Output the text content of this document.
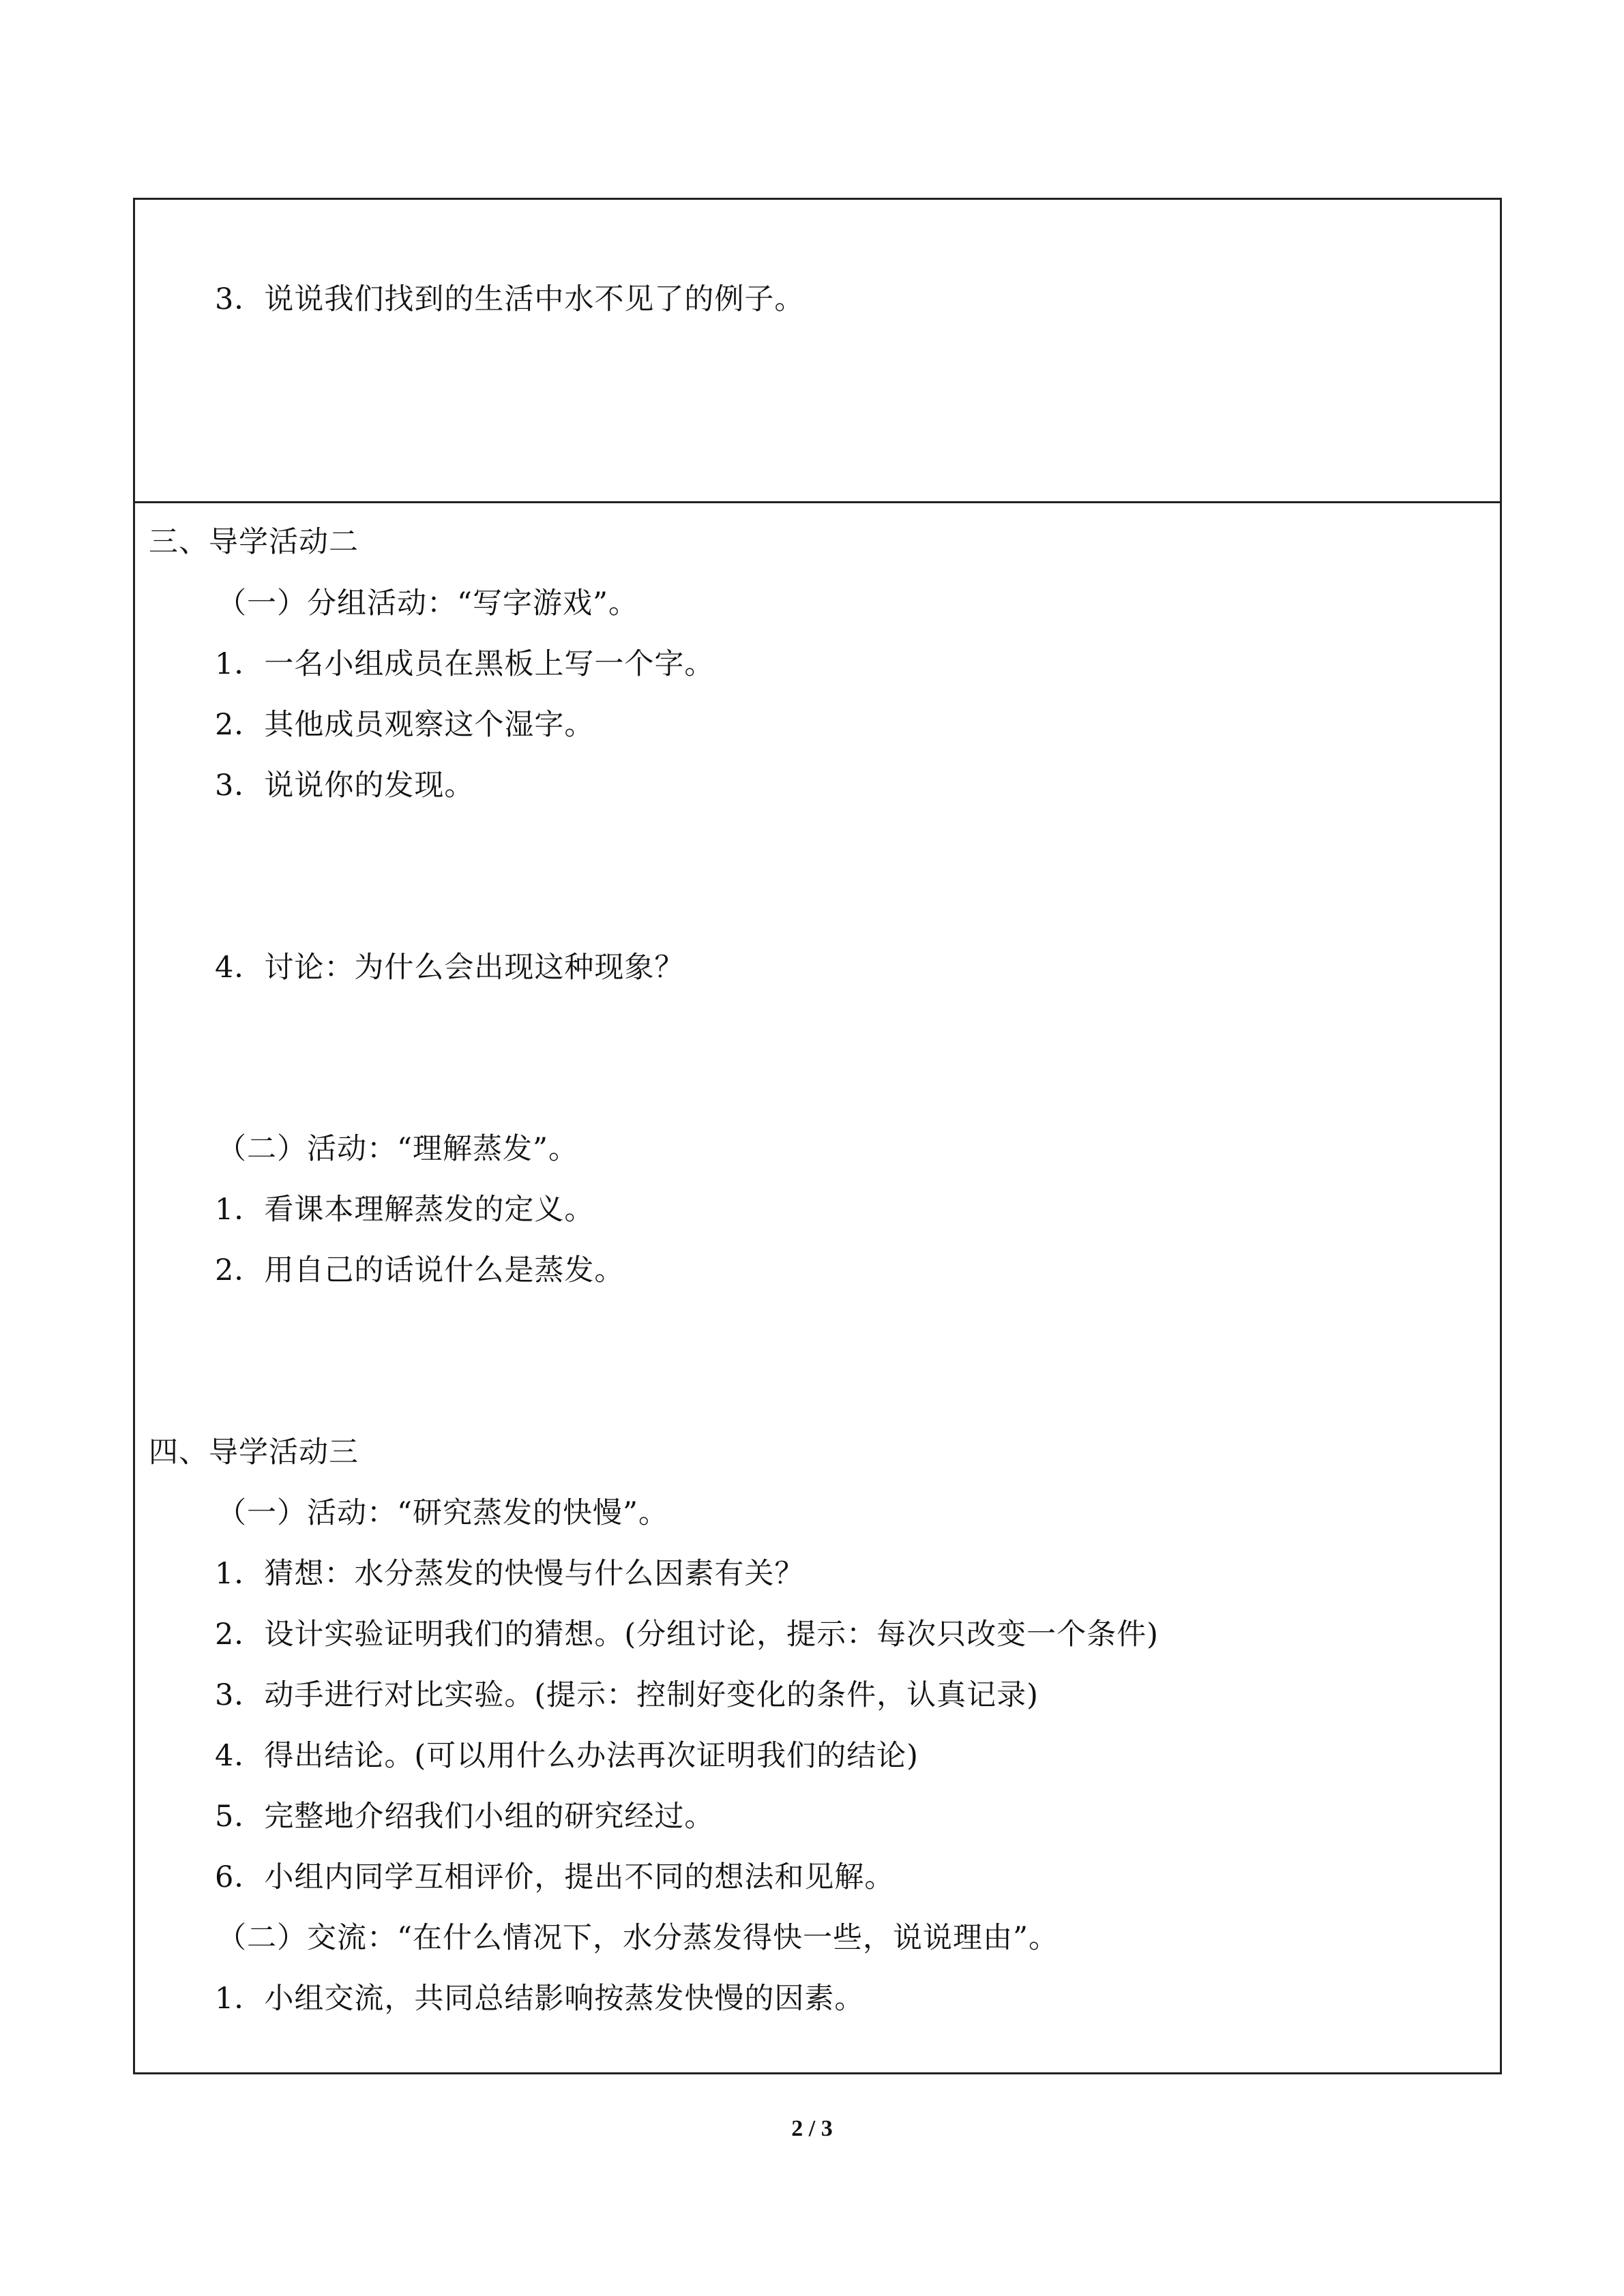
3．说说我们找到的生活中水不见了的例子。
三、导学活动二
（一）分组活动：“写字游戏”。
1．一名小组成员在黑板上写一个字。
2．其他成员观察这个湿字。
3．说说你的发现。
4．讨论：为什么会出现这种现象？
（二）活动：“理解蒸发”。
1．看课本理解蒸发的定义。
2．用自己的话说什么是蒸发。
四、导学活动三
（一）活动：“研究蒸发的快慢”。
1．猜想：水分蒸发的快慢与什么因素有关？
2．设计实验证明我们的猜想。(分组讨论，提示：每次只改变一个条件)
3．动手进行对比实验。(提示：控制好变化的条件，认真记录)
4．得出结论。(可以用什么办法再次证明我们的结论)
5．完整地介绍我们小组的研究经过。
6．小组内同学互相评价，提出不同的想法和见解。
（二）交流：“在什么情况下，水分蒸发得快一些，说说理由”。
1．小组交流，共同总结影响按蒸发快慢的因素。
2 / 3
